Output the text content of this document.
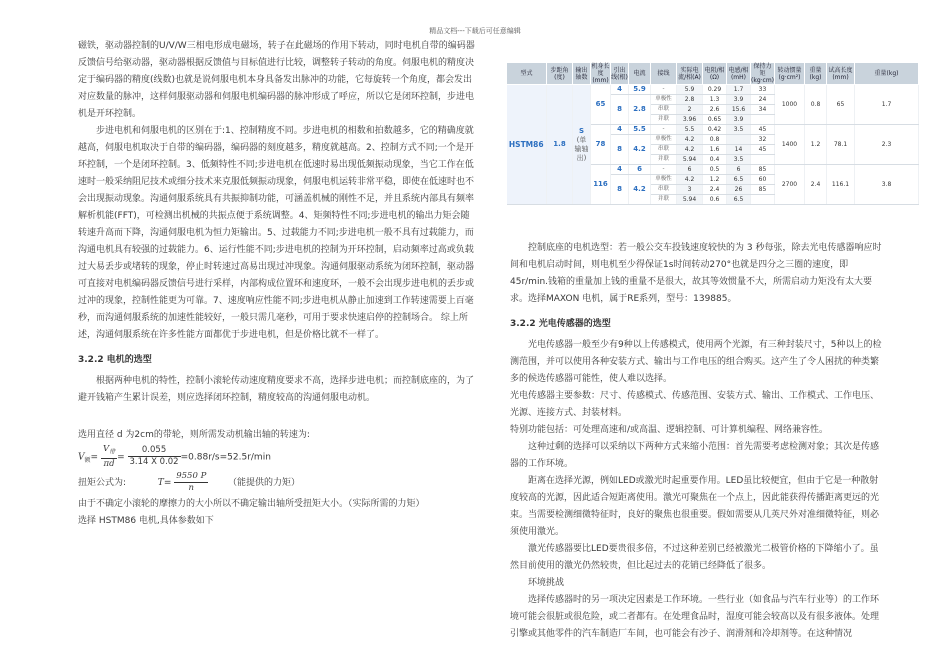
精品文档---下载后可任意编辑

磁铁，驱动器控制的U/V/W三相电形成电磁场，转子在此磁场的作用下转动，同时电机自带的编码器反馈信号给驱动器，驱动器根据反馈值与目标值进行比较，调整转子转动的角度。伺服电机的精度决定于编码器的精度(线数)也就是说伺服电机本身具备发出脉冲的功能，它每旋转一个角度，都会发出对应数量的脉冲，这样伺服驱动器和伺服电机编码器的脉冲形成了呼应，所以它是闭环控制，步进电机是开环控制。

步进电机和伺服电机的区别在于:1、控制精度不同。步进电机的相数和拍数越多，它的精确度就越高，伺服电机取决于自带的编码器，编码器的刻度越多，精度就越高。2、控制方式不同;一个是开环控制，一个是闭环控制。3、低频特性不同;步进电机在低速时易出现低频振动现象，当它工作在低速时一般采纳阻尼技术或细分技术来克服低频振动现象，伺服电机运转非常平稳，即使在低速时也不会出现振动现象。沟通伺服系统具有共振抑制功能，可涵盖机械的刚性不足，并且系统内部具有频率解析机能(FFT)，可检测出机械的共振点便于系统调整。4、矩频特性不同;步进电机的输出力矩会随转速升高而下降，沟通伺服电机为恒力矩输出。5、过载能力不同;步进电机一般不具有过载能力，而沟通电机具有较强的过载能力。6、运行性能不同;步进电机的控制为开环控制，启动频率过高或负载过大易丢步或堵转的现象，停止时转速过高易出现过冲现象。沟通伺服驱动系统为闭环控制，驱动器可直接对电机编码器反馈信号进行采样，内部构成位置环和速度环，一般不会出现步进电机的丢步或过冲的现象，控制性能更为可靠。7、速度响应性能不同;步进电机从静止加速到工作转速需要上百毫秒，而沟通伺服系统的加速性能较好，一般只需几毫秒，可用于要求快速启停的控制场合。 综上所述，沟通伺服系统在许多性能方面都优于步进电机，但是价格比就不一样了。

3.2.2 电机的选型

根据两种电机的特性，控制小滚轮传动速度精度要求不高，选择步进电机；而控制底座的，为了避开钱箱产生累计误差，则应选择闭环控制，精度较高的沟通伺服电动机。

选用直径 d 为2cm的带轮，则所需发动机输出轴的转速为:

$V_额= \frac{V_带}{\pi d} = \frac{0.055}{3.14 X 0.02} =0.88r/s=52.5r/\min$
扭矩公式为:	$T= \frac{9550 P}{n}$ （能提供的力矩）

由于不确定小滚轮的摩擦力的大小所以不确定输出轴所受扭矩大小。（实际所需的力矩）

选择 HSTM86 电机,具体参数如下

型式	步距角(度)	输出轴数	机身长度(mm)	引出线(根)	电流	接线	实际电流/相(A)	电阻/相(Ω)	电感/相(mH)	保持力矩(kg·cm)	转动惯量(g·cm²)	重量(kg)	试高长度(mm)	重量(kg)
HSTM86	1.8	S
(单输轴出)	65	4	5.9	-	5.9	0.29	1.7	33	1000	0.8	65	1.7
				8	2.8	单极性	2.8	1.3	3.9	24				
						串联	2	2.6	15.6	34				
						并联	3.96	0.65	3.9					
			78	4	5.5	-	5.5	0.42	3.5	45	1400	1.2	78.1	2.3
				8	4.2	单极性	4.2	0.8		32				
						串联	4.2	1.6	14	45				
						并联	5.94	0.4	3.5					
			116	4	6	-	6	0.5	6	85	2700	2.4	116.1	3.8
				8	4.2	单极性	4.2	1.2	6.5	60				
						串联	3	2.4	26	85				
						并联	5.94	0.6	6.5					

控制底座的电机选型：若一般公交车投钱速度较快的为 3 秒每张，除去光电传感器响应时间和电机启动时间，则电机至少得保证1s时间转动270°也就是四分之三圈的速度，即45r/min.钱箱的重量加上钱的重量不是很大，故其等效惯量不大，所需启动力矩没有太大要求。选择MAXON 电机，属于RE系列，型号：139885。

3.2.2 光电传感器的选型

光电传感器一般至少有9种以上传感模式，使用两个光源，有三种封装尺寸，5种以上的检测范围，并可以使用各种安装方式、输出与工作电压的组合购买。这产生了令人困扰的种类繁多的候选传感器可能性，使人难以选择。

光电传感器主要参数：尺寸、传感模式、传感范围、安装方式、输出、工作模式、工作电压、光源、连接方式、封装材料。

特别功能包括：可处理高速和/或高温、逻辑控制、可计算机编程、网络兼容性。

这种过剩的选择可以采纳以下两种方式来缩小范围：首先需要考虑检测对象；其次是传感器的工作环境。

距离在选择光源，例如LED或激光时起重要作用。LED虽比较便宜，但由于它是一种散射度较高的光源，因此适合短距离使用。激光可聚焦在一个点上，因此能获得传播距离更远的光束。当需要检测细微特征时，良好的聚焦也很重要。假如需要从几英尺外对准细微特征，则必须使用激光。

激光传感器要比LED要贵很多倍，不过这种差别已经被激光二极管价格的下降缩小了。虽然目前使用的激光仍然较贵，但比起过去的花销已经降低了很多。

环境挑战

选择传感器时的另一项决定因素是工作环境。一些行业（如食品与汽车行业等）的工作环境可能会很脏或很危险，或二者都有。在处理食品时，湿度可能会较高以及有很多液体。处理引擎或其他零件的汽车制造厂车间，也可能会有沙子、润滑剂和冷却剂等。在这种情况
